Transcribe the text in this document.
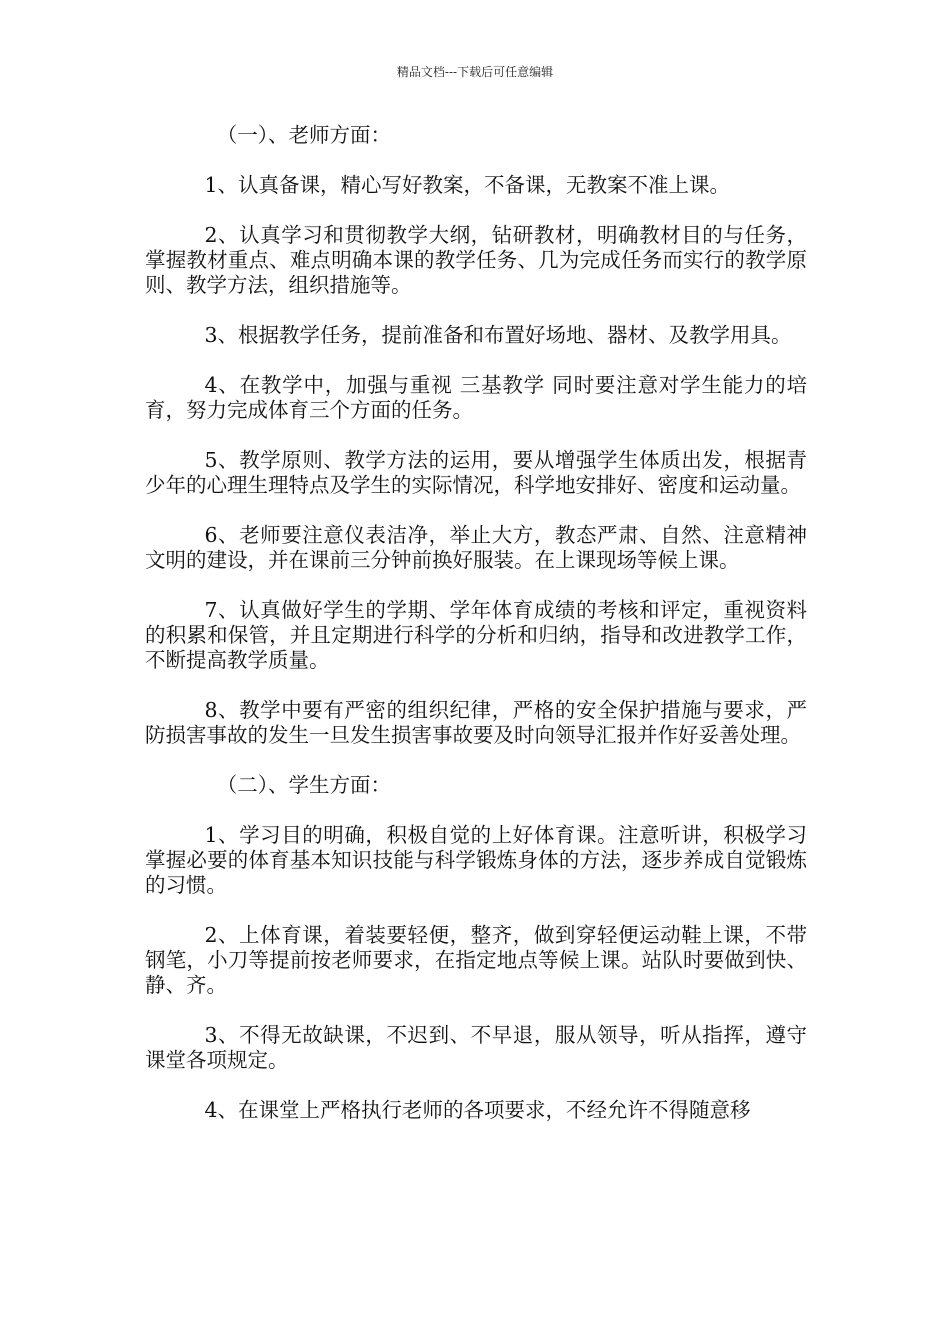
精品文档---下载后可任意编辑

（一）、老师方面：

1、认真备课，精心写好教案，不备课，无教案不准上课。

2、认真学习和贯彻教学大纲，钻研教材，明确教材目的与任务，掌握教材重点、难点明确本课的教学任务、几为完成任务而实行的教学原则、教学方法，组织措施等。

3、根据教学任务，提前准备和布置好场地、器材、及教学用具。

4、在教学中，加强与重视 三基教学 同时要注意对学生能力的培育，努力完成体育三个方面的任务。

5、教学原则、教学方法的运用，要从增强学生体质出发，根据青少年的心理生理特点及学生的实际情况，科学地安排好、密度和运动量。

6、老师要注意仪表洁净，举止大方，教态严肃、自然、注意精神文明的建设，并在课前三分钟前换好服装。在上课现场等候上课。

7、认真做好学生的学期、学年体育成绩的考核和评定，重视资料的积累和保管，并且定期进行科学的分析和归纳，指导和改进教学工作，不断提高教学质量。

8、教学中要有严密的组织纪律，严格的安全保护措施与要求，严防损害事故的发生一旦发生损害事故要及时向领导汇报并作好妥善处理。

（二）、学生方面：

1、学习目的明确，积极自觉的上好体育课。注意听讲，积极学习掌握必要的体育基本知识技能与科学锻炼身体的方法，逐步养成自觉锻炼的习惯。

2、上体育课，着装要轻便，整齐，做到穿轻便运动鞋上课，不带钢笔，小刀等提前按老师要求，在指定地点等候上课。站队时要做到快、静、齐。

3、不得无故缺课，不迟到、不早退，服从领导，听从指挥，遵守课堂各项规定。

4、在课堂上严格执行老师的各项要求，不经允许不得随意移
